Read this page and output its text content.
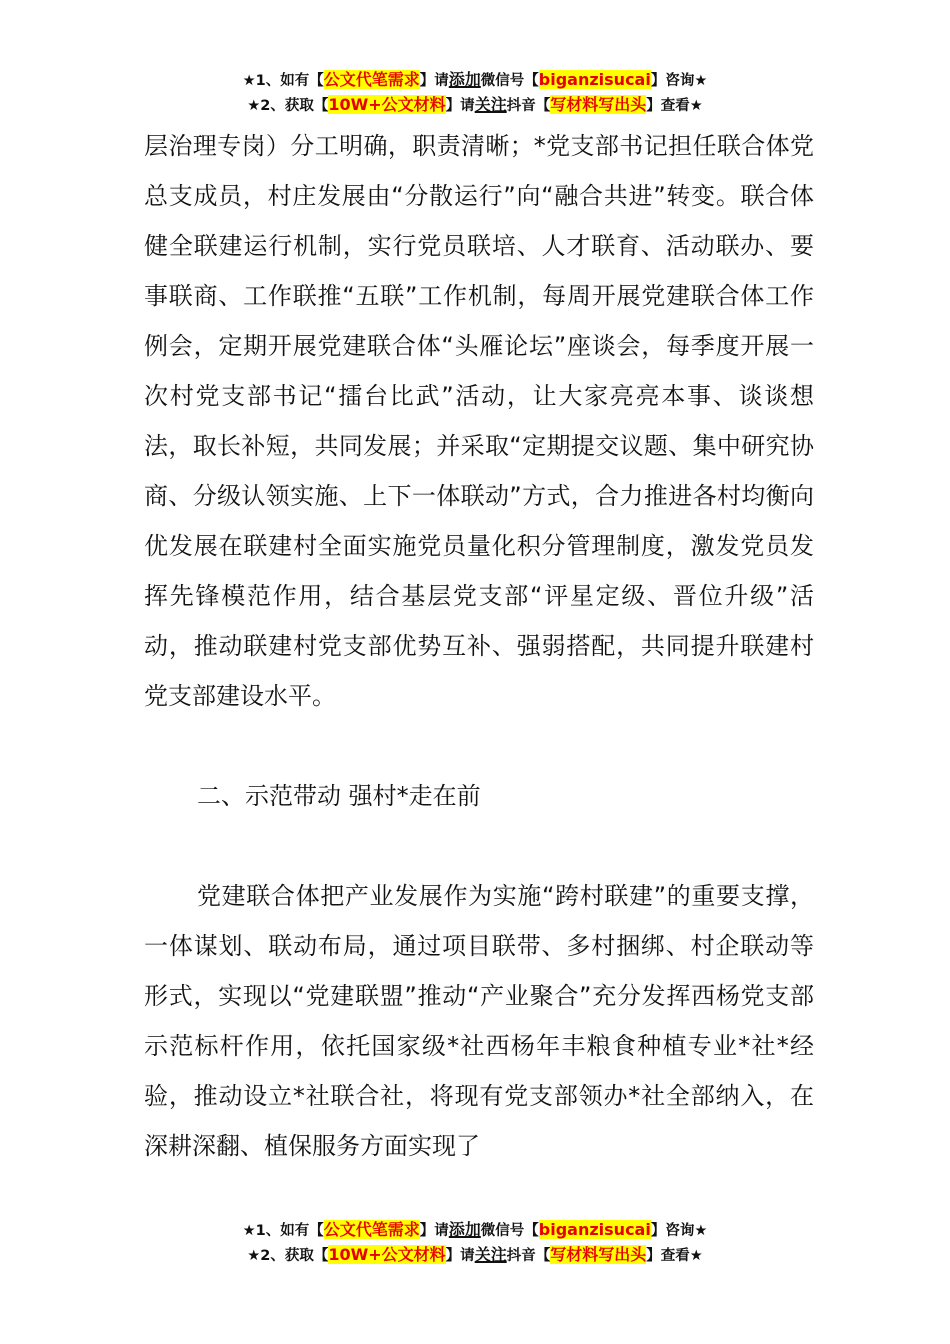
★1、如有【公文代笔需求】请添加微信号【biganzisucai】咨询★
★2、获取【10W+公文材料】请关注抖音【写材料写出头】查看★

层治理专岗）分工明确，职责清晰；*党支部书记担任联合体党总支成员，村庄发展由“分散运行”向“融合共进”转变。联合体健全联建运行机制，实行党员联培、人才联育、活动联办、要事联商、工作联推“五联”工作机制，每周开展党建联合体工作例会，定期开展党建联合体“头雁论坛”座谈会，每季度开展一次村党支部书记“擂台比武”活动，让大家亮亮本事、谈谈想法，取长补短，共同发展；并采取“定期提交议题、集中研究协商、分级认领实施、上下一体联动”方式，合力推进各村均衡向优发展在联建村全面实施党员量化积分管理制度，激发党员发挥先锋模范作用，结合基层党支部“评星定级、晋位升级”活动，推动联建村党支部优势互补、强弱搭配，共同提升联建村党支部建设水平。

二、示范带动 强村*走在前

党建联合体把产业发展作为实施“跨村联建”的重要支撑，一体谋划、联动布局，通过项目联带、多村捆绑、村企联动等形式，实现以“党建联盟”推动“产业聚合”充分发挥西杨党支部示范标杆作用，依托国家级*社西杨年丰粮食种植专业*社*经验，推动设立*社联合社，将现有党支部领办*社全部纳入，在深耕深翻、植保服务方面实现了

★1、如有【公文代笔需求】请添加微信号【biganzisucai】咨询★
★2、获取【10W+公文材料】请关注抖音【写材料写出头】查看★
